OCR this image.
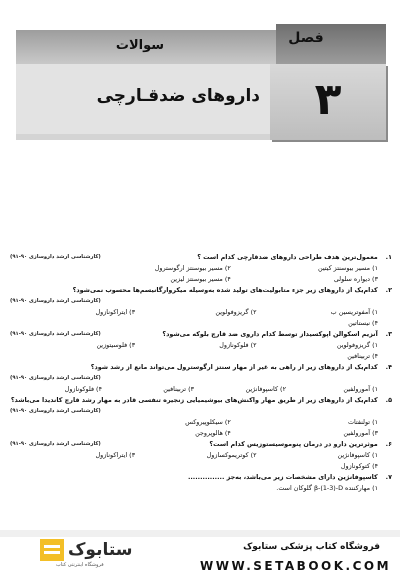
فصل
سوالات
۳
داروهای ضدقـارچی
۱. معمول‌ترین هدف طراحی داروهای ضدقارچی کدام است ؟
(کارشناسی ارشد داروسازی ۹۰-۹۱)
۱) مسیر بیوسنتز کیتین
۲) مسیر بیوسنتز ارگوسترول
۳) دیواره سلولی
۴) مسیر بیوسنتز لیزین
۲. کدام‌یک از داروهای زیر جزء متابولیت‌های تولید شده به‌وسیله میکروارگانیسم‌ها محسوب نمی‌شود؟
(کارشناسی ارشد داروسازی ۹۰-۹۱)
۱) آمفوتریسین ب
۲) گریزوفولوین
۳) ایتراکونازول
۴) نیستاتین
۳. آنزیم اسکوالن اپوکسیداز توسط کدام داروی ضد قارچ بلوکه می‌شود؟
(کارشناسی ارشد داروسازی ۹۰-۹۱)
۱) گریزوفولوین
۲) فلوکونازول
۳) فلوسیتوزین
۴) تربینافین
۴. کدام‌یک از داروهای زیر از راهی به غیر از مهار سنتز ارگوسترول می‌تواند مانع از رشد شود؟
(کارشناسی ارشد داروسازی ۹۰-۹۱)
۱) آمورولفین
۲) کاسپوفانژین
۳) تربینافین
۴) فلوکونازول
۵. کدام‌یک از داروهای زیر از طریق مهار واکنش‌های بیوشیمیایی زنجیره تنفسی قادر به مهار رشد قارچ کاندیدا می‌باشد؟
(کارشناسی ارشد داروسازی ۹۰-۹۱)
۱) تولنفتات
۲) سیکلوپیروکس
۳) آمورولفین
۴) هالوپروجن
۶. موثرترین دارو در درمان پنوموسیستوزیس کدام است؟
(کارشناسی ارشد داروسازی ۹۰-۹۱)
۱) کاسپوفانژین
۲) کوتریموکسازول
۳) ایتراکونازول
۴) کتوکونازول
۷. کاسپوفانژین دارای مشخصات زیر می‌باشد، به‌جز ...............
۱) مهارکننده β-(1-3)-D گلوکان است.
ستابوک
فروشگاه اینترنتی کتاب
فروشگاه کتاب پزشکی ستابوک
WWW.SETABOOK.COM
